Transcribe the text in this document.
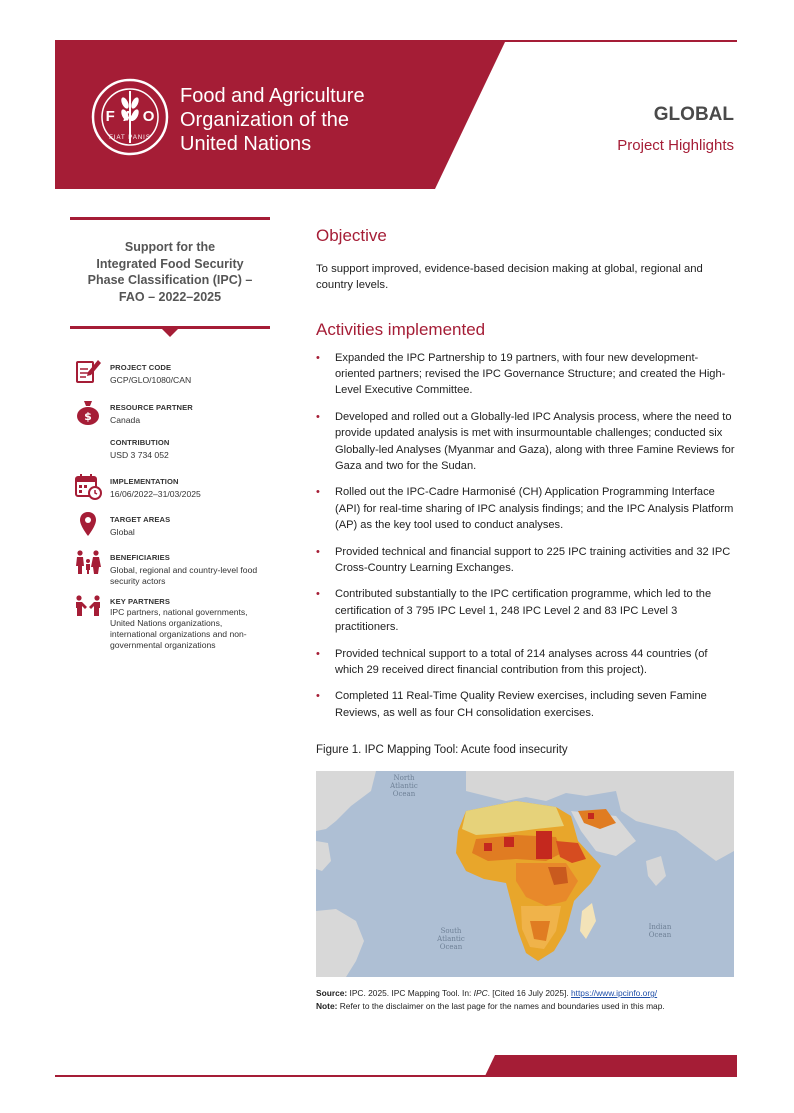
FAO
FIAT PANIS
Food and Agriculture
Organization of the
United Nations
GLOBAL
Project Highlights
Support for the
Integrated Food Security
Phase Classification (IPC) –
FAO – 2022–2025
PROJECT CODE
GCP/GLO/1080/CAN
$
RESOURCE PARTNER
Canada
CONTRIBUTION
USD 3 734 052
IMPLEMENTATION
16/06/2022–31/03/2025
TARGET AREAS
Global
BENEFICIARIES
Global, regional and country-level food security actors
KEY PARTNERS
IPC partners, national governments, United Nations organizations, international organizations and non-governmental organizations
Objective
To support improved, evidence-based decision making at global, regional and country levels.
Activities implemented
• Expanded the IPC Partnership to 19 partners, with four new development-oriented partners; revised the IPC Governance Structure; and created the High-Level Executive Committee.
• Developed and rolled out a Globally-led IPC Analysis process, where the need to provide updated analysis is met with insurmountable challenges; conducted six Globally-led Analyses (Myanmar and Gaza), along with three Famine Reviews for Gaza and two for the Sudan.
• Rolled out the IPC-Cadre Harmonisé (CH) Application Programming Interface (API) for real-time sharing of IPC analysis findings; and the IPC Analysis Platform (AP) as the key tool used to conduct analyses.
• Provided technical and financial support to 225 IPC training activities and 32 IPC Cross-Country Learning Exchanges.
• Contributed substantially to the IPC certification programme, which led to the certification of 3 795 IPC Level 1, 248 IPC Level 2 and 83 IPC Level 3 practitioners.
• Provided technical support to a total of 214 analyses across 44 countries (of which 29 received direct financial contribution from this project).
• Completed 11 Real-Time Quality Review exercises, including seven Famine Reviews, as well as four CH consolidation exercises.
Figure 1. IPC Mapping Tool: Acute food insecurity
North
Atlantic
Ocean
South
Atlantic
Ocean
Indian
Ocean
Source: IPC. 2025. IPC Mapping Tool. In: IPC. [Cited 16 July 2025]. https://www.ipcinfo.org/
Note: Refer to the disclaimer on the last page for the names and boundaries used in this map.
